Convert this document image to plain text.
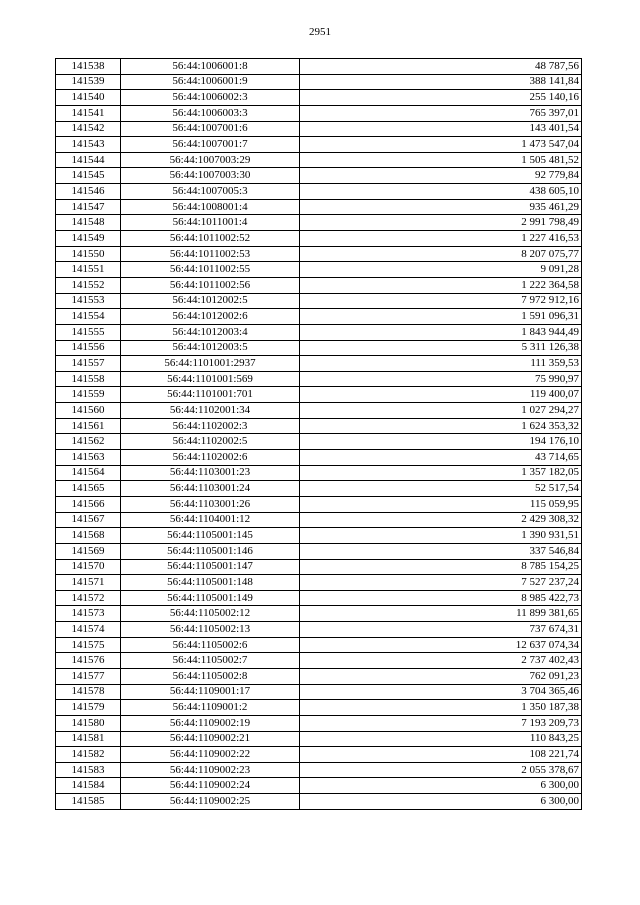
2951
141538	56:44:1006001:8	48 787,56
141539	56:44:1006001:9	388 141,84
141540	56:44:1006002:3	255 140,16
141541	56:44:1006003:3	765 397,01
141542	56:44:1007001:6	143 401,54
141543	56:44:1007001:7	1 473 547,04
141544	56:44:1007003:29	1 505 481,52
141545	56:44:1007003:30	92 779,84
141546	56:44:1007005:3	438 605,10
141547	56:44:1008001:4	935 461,29
141548	56:44:1011001:4	2 991 798,49
141549	56:44:1011002:52	1 227 416,53
141550	56:44:1011002:53	8 207 075,77
141551	56:44:1011002:55	9 091,28
141552	56:44:1011002:56	1 222 364,58
141553	56:44:1012002:5	7 972 912,16
141554	56:44:1012002:6	1 591 096,31
141555	56:44:1012003:4	1 843 944,49
141556	56:44:1012003:5	5 311 126,38
141557	56:44:1101001:2937	111 359,53
141558	56:44:1101001:569	75 990,97
141559	56:44:1101001:701	119 400,07
141560	56:44:1102001:34	1 027 294,27
141561	56:44:1102002:3	1 624 353,32
141562	56:44:1102002:5	194 176,10
141563	56:44:1102002:6	43 714,65
141564	56:44:1103001:23	1 357 182,05
141565	56:44:1103001:24	52 517,54
141566	56:44:1103001:26	115 059,95
141567	56:44:1104001:12	2 429 308,32
141568	56:44:1105001:145	1 390 931,51
141569	56:44:1105001:146	337 546,84
141570	56:44:1105001:147	8 785 154,25
141571	56:44:1105001:148	7 527 237,24
141572	56:44:1105001:149	8 985 422,73
141573	56:44:1105002:12	11 899 381,65
141574	56:44:1105002:13	737 674,31
141575	56:44:1105002:6	12 637 074,34
141576	56:44:1105002:7	2 737 402,43
141577	56:44:1105002:8	762 091,23
141578	56:44:1109001:17	3 704 365,46
141579	56:44:1109001:2	1 350 187,38
141580	56:44:1109002:19	7 193 209,73
141581	56:44:1109002:21	110 843,25
141582	56:44:1109002:22	108 221,74
141583	56:44:1109002:23	2 055 378,67
141584	56:44:1109002:24	6 300,00
141585	56:44:1109002:25	6 300,00
